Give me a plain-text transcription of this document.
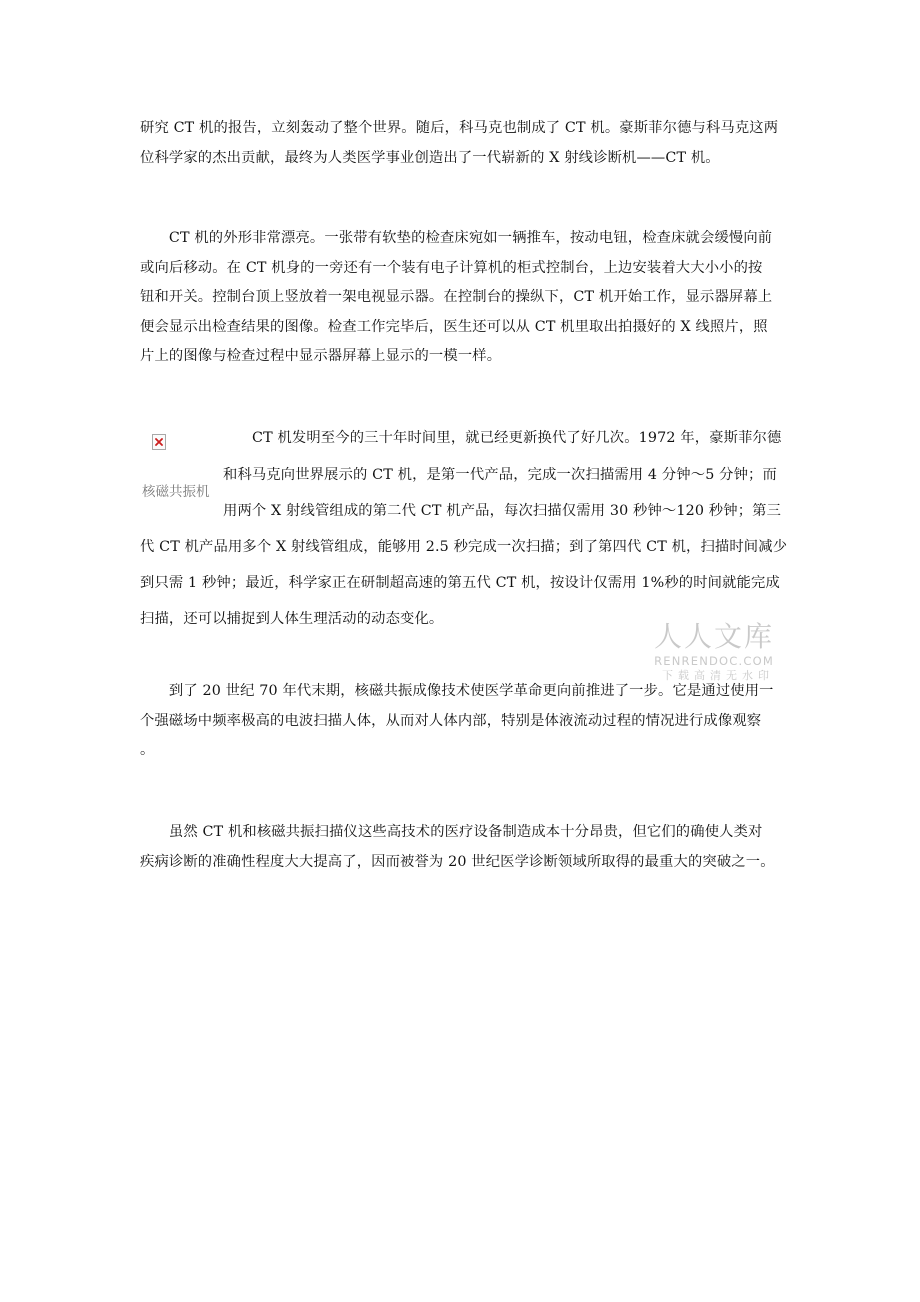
研究 CT 机的报告，立刻轰动了整个世界。随后，科马克也制成了 CT 机。豪斯菲尔德与科马克这两
位科学家的杰出贡献，最终为人类医学事业创造出了一代崭新的 X 射线诊断机——CT 机。

　　CT 机的外形非常漂亮。一张带有软垫的检查床宛如一辆推车，按动电钮，检查床就会缓慢向前
或向后移动。在 CT 机身的一旁还有一个装有电子计算机的柜式控制台，上边安装着大大小小的按
钮和开关。控制台顶上竖放着一架电视显示器。在控制台的操纵下，CT 机开始工作，显示器屏幕上
便会显示出检查结果的图像。检查工作完毕后，医生还可以从 CT 机里取出拍摄好的 X 线照片，照
片上的图像与检查过程中显示器屏幕上显示的一模一样。

核磁共振机
CT 机发明至今的三十年时间里，就已经更新换代了好几次。1972 年，豪斯菲尔德
和科马克向世界展示的 CT 机，是第一代产品，完成一次扫描需用 4 分钟～5 分钟；而
用两个 X 射线管组成的第二代 CT 机产品，每次扫描仅需用 30 秒钟～120 秒钟；第三
代 CT 机产品用多个 X 射线管组成，能够用 2.5 秒完成一次扫描；到了第四代 CT 机，扫描时间减少
到只需 1 秒钟；最近，科学家正在研制超高速的第五代 CT 机，按设计仅需用 1%秒的时间就能完成
扫描，还可以捕捉到人体生理活动的动态变化。
人人文库
RENRENDOC.COM
下载高清无水印

　　到了 20 世纪 70 年代末期，核磁共振成像技术使医学革命更向前推进了一步。它是通过使用一
个强磁场中频率极高的电波扫描人体，从而对人体内部，特别是体液流动过程的情况进行成像观察
。

　　虽然 CT 机和核磁共振扫描仪这些高技术的医疗设备制造成本十分昂贵，但它们的确使人类对
疾病诊断的准确性程度大大提高了，因而被誉为 20 世纪医学诊断领域所取得的最重大的突破之一。
